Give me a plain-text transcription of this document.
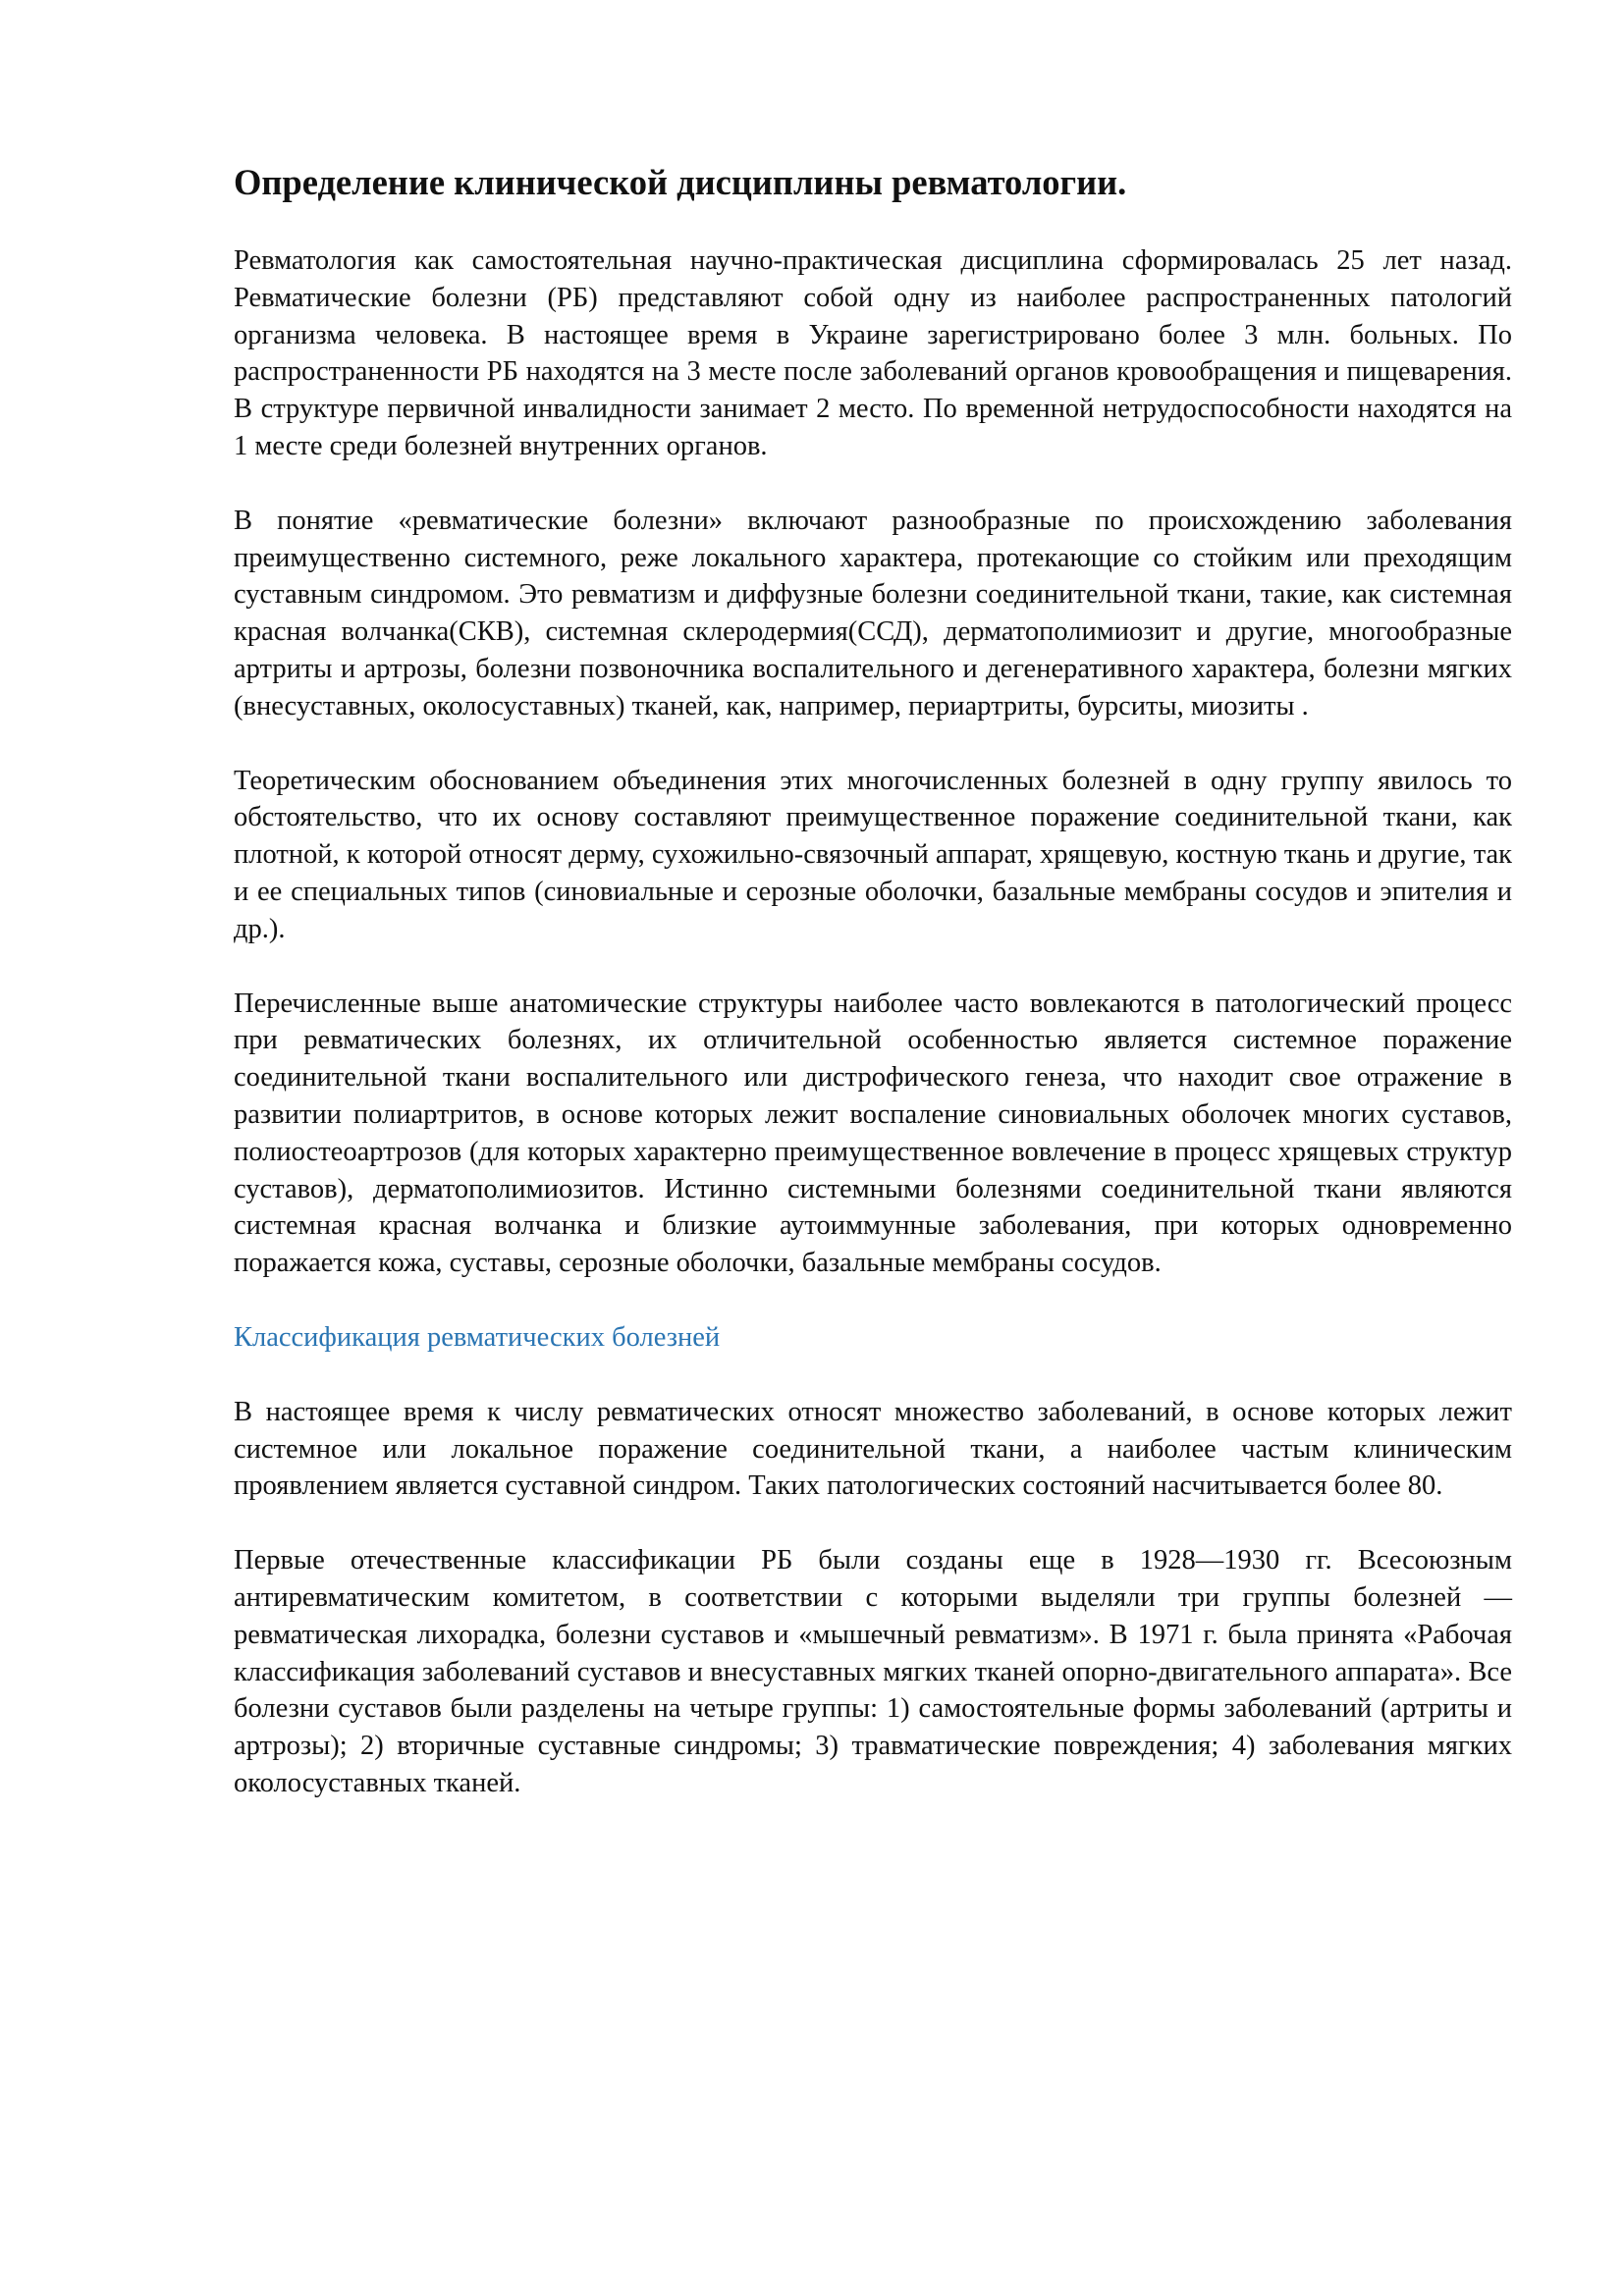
Определение клинической дисциплины ревматологии.

Ревматология как самостоятельная научно-практическая дисциплина сформировалась 25 лет назад. Ревматические болезни (РБ) представляют собой одну из наиболее распространенных патологий организма человека. В настоящее время в Украине зарегистрировано более 3 млн. больных. По распространенности РБ находятся на 3 месте после заболеваний органов кровообращения и пищеварения. В структуре первичной инвалидности занимает 2 место. По временной нетрудоспособности находятся на 1 месте среди болезней внутренних органов.

В понятие «ревматические болезни» включают разнообразные по происхождению заболевания преимущественно системного, реже локального характера, протекающие со стойким или преходящим суставным синдромом. Это ревматизм и диффузные болезни соединительной ткани, такие, как системная красная волчанка(СКВ), системная склеродермия(ССД), дерматополимиозит и другие, многообразные артриты и артрозы, болезни позвоночника воспалительного и дегенеративного характера, болезни мягких (внесуставных, околосуставных) тканей, как, например, периартриты, бурситы, миозиты .

Теоретическим обоснованием объединения этих многочисленных болезней в одну группу явилось то обстоятельство, что их основу составляют преимущественное поражение соединительной ткани, как плотной, к которой относят дерму, сухожильно-связочный аппарат, хрящевую, костную ткань и другие, так и ее специальных типов (синовиальные и серозные оболочки, базальные мембраны сосудов и эпителия и др.).

Перечисленные выше анатомические структуры наиболее часто вовлекаются в патологический процесс при ревматических болезнях, их отличительной особенностью является системное поражение соединительной ткани воспалительного или дистрофического генеза, что находит свое отражение в развитии полиартритов, в основе которых лежит воспаление синовиальных оболочек многих суставов, полиостеоартрозов (для которых характерно преимущественное вовлечение в процесс хрящевых структур суставов), дерматополимиозитов. Истинно системными болезнями соединительной ткани являются системная красная волчанка и близкие аутоиммунные заболевания, при которых одновременно поражается кожа, суставы, серозные оболочки, базальные мембраны сосудов.

Классификация ревматических болезней

В настоящее время к числу ревматических относят множество заболеваний, в основе которых лежит системное или локальное поражение соединительной ткани, а наиболее частым клиническим проявлением является суставной синдром. Таких патологических состояний насчитывается более 80.

Первые отечественные классификации РБ были созданы еще в 1928—1930 гг. Всесоюзным антиревматическим комитетом, в соответствии с которыми выделяли три группы болезней — ревматическая лихорадка, болезни суставов и «мышечный ревматизм». В 1971 г. была принята «Рабочая классификация заболеваний суставов и внесуставных мягких тканей опорно-двигательного аппарата». Все болезни суставов были разделены на четыре группы: 1) самостоятельные формы заболеваний (артриты и артрозы); 2) вторичные суставные синдромы; 3) травматические повреждения; 4) заболевания мягких околосуставных тканей.
